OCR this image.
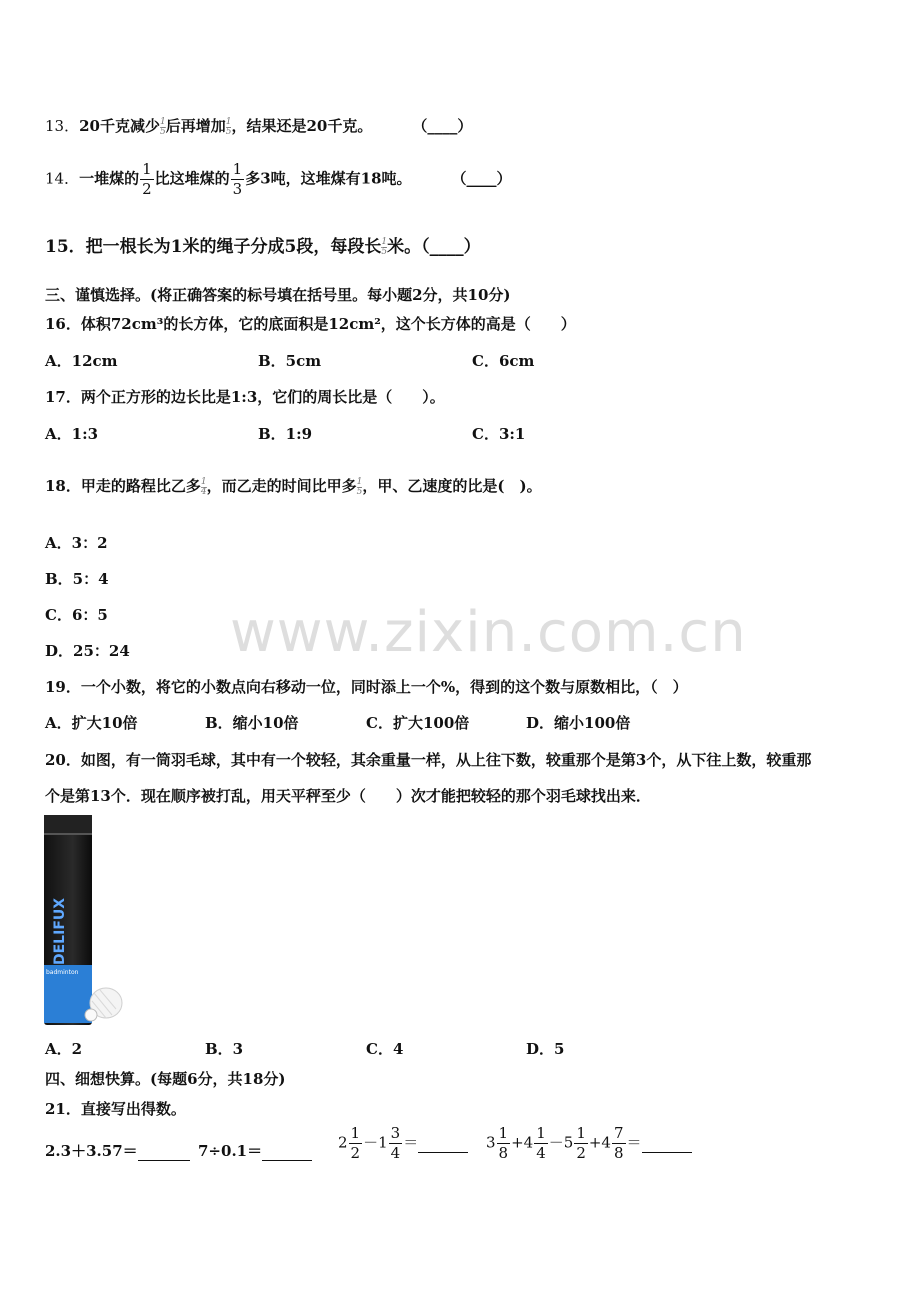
13．20千克减少 $\frac{1}{5}$ 后再增加 $\frac{1}{5}$ ，结果还是20千克。	（____）
14．一堆煤的 $\frac{1}{2}$ 比这堆煤的 $\frac{1}{3}$ 多3吨，这堆煤有18吨。	（____）
15．把一根长为1米的绳子分成5段，每段长 $\frac{1}{5}$ 米。（____）
三、谨慎选择。(将正确答案的标号填在括号里。每小题2分，共10分)
16．体积72cm³的长方体，它的底面积是12cm²，这个长方体的高是（　　）
A．12cm	B．5cm	C．6cm
17．两个正方形的边长比是1:3，它们的周长比是（　　）。
A．1:3	B．1:9	C．3:1
18．甲走的路程比乙多 $\frac{1}{4}$ ，而乙走的时间比甲多 $\frac{1}{5}$ ，甲、乙速度的比是(　)。
A．3：2
B．5：4
C．6：5
D．25：24 www.zixin.com.cn
19．一个小数，将它的小数点向右移动一位，同时添上一个%，得到的这个数与原数相比，（　）
A．扩大10倍	B．缩小10倍	C．扩大100倍	D．缩小100倍
20．如图，有一筒羽毛球，其中有一个较轻，其余重量一样，从上往下数，较重那个是第3个，从下往上数，较重那
个是第13个．现在顺序被打乱，用天平秤至少（　　）次才能把较轻的那个羽毛球找出来．
DELIFUX
badminton
A．2	B．3	C．4	D．5
四、细想快算。(每题6分，共18分)
21．直接写出得数。
2.3＋3.57＝	7÷0.1＝	$2 \frac{1}{2} -1 \frac{3}{4}$ ＝	$3 \frac{1}{8} +4 \frac{1}{4} -5 \frac{1}{2} +4 \frac{7}{8}$ ＝
